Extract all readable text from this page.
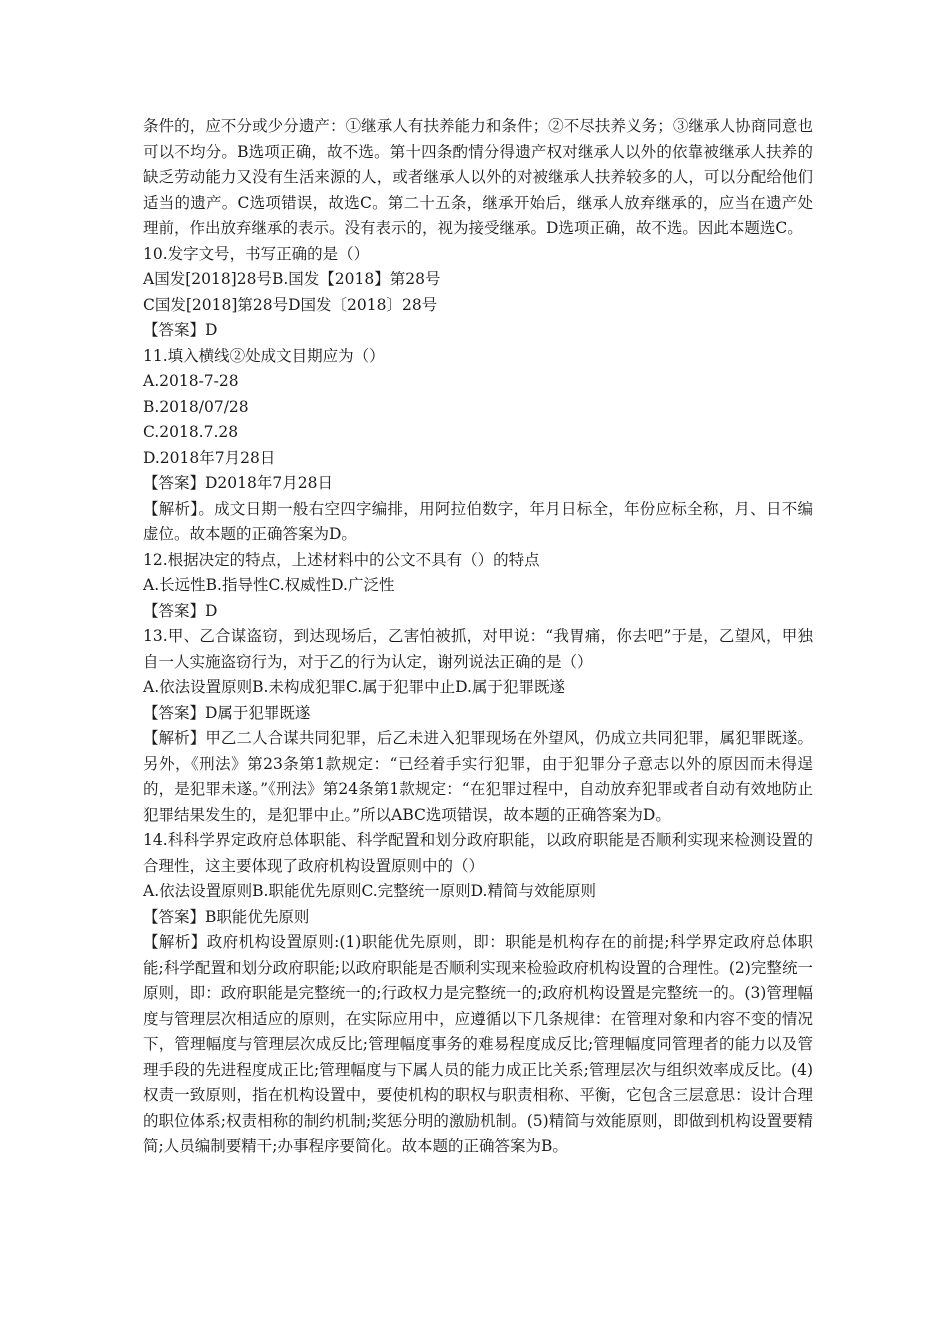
条件的，应不分或少分遗产：①继承人有扶养能力和条件；②不尽扶养义务；③继承人协商同意也可以不均分。B选项正确，故不选。第十四条酌情分得遗产权对继承人以外的依靠被继承人扶养的缺乏劳动能力又没有生活来源的人，或者继承人以外的对被继承人扶养较多的人，可以分配给他们适当的遗产。C选项错误，故选C。第二十五条，继承开始后，继承人放弃继承的，应当在遗产处理前，作出放弃继承的表示。没有表示的，视为接受继承。D选项正确，故不选。因此本题选C。

10.发字文号，书写正确的是（）

A国发[2018]28号B.国发【2018】第28号

C国发[2018]第28号D国发〔2018〕28号

【答案】D

11.填入横线②处成文目期应为（）

A.2018-7-28

B.2018/07/28

C.2018.7.28

D.2018年7月28日

【答案】D2018年7月28日

【解析】。成文日期一般右空四字编排，用阿拉伯数字，年月日标全，年份应标全称，月、日不编虚位。故本题的正确答案为D。

12.根据决定的特点，上述材料中的公文不具有（）的特点

A.长远性B.指导性C.权威性D.广泛性

【答案】D

13.甲、乙合谋盗窃，到达现场后，乙害怕被抓，对甲说：“我胃痛，你去吧”于是，乙望风，甲独自一人实施盗窃行为，对于乙的行为认定，谢列说法正确的是（）

A.依法设置原则B.未构成犯罪C.属于犯罪中止D.属于犯罪既遂

【答案】D属于犯罪既遂

【解析】甲乙二人合谋共同犯罪，后乙未进入犯罪现场在外望风，仍成立共同犯罪，属犯罪既遂。另外，《刑法》第23条第1款规定：“已经着手实行犯罪，由于犯罪分子意志以外的原因而未得逞的，是犯罪未遂。”《刑法》第24条第1款规定：“在犯罪过程中，自动放弃犯罪或者自动有效地防止犯罪结果发生的，是犯罪中止。”所以ABC选项错误，故本题的正确答案为D。

14.科科学界定政府总体职能、科学配置和划分政府职能，以政府职能是否顺利实现来检测设置的合理性，这主要体现了政府机构设置原则中的（）

A.依法设置原则B.职能优先原则C.完整统一原则D.精简与效能原则

【答案】B职能优先原则

【解析】政府机构设置原则:(1)职能优先原则，即：职能是机构存在的前提;科学界定政府总体职能;科学配置和划分政府职能;以政府职能是否顺利实现来检验政府机构设置的合理性。(2)完整统一原则，即：政府职能是完整统一的;行政权力是完整统一的;政府机构设置是完整统一的。(3)管理幅度与管理层次相适应的原则，在实际应用中，应遵循以下几条规律：在管理对象和内容不变的情况下，管理幅度与管理层次成反比;管理幅度事务的难易程度成反比;管理幅度同管理者的能力以及管理手段的先进程度成正比;管理幅度与下属人员的能力成正比关系;管理层次与组织效率成反比。(4)权责一致原则，指在机构设置中，要使机构的职权与职责相称、平衡，它包含三层意思：设计合理的职位体系;权责相称的制约机制;奖惩分明的激励机制。(5)精简与效能原则，即做到机构设置要精简;人员编制要精干;办事程序要简化。故本题的正确答案为B。
